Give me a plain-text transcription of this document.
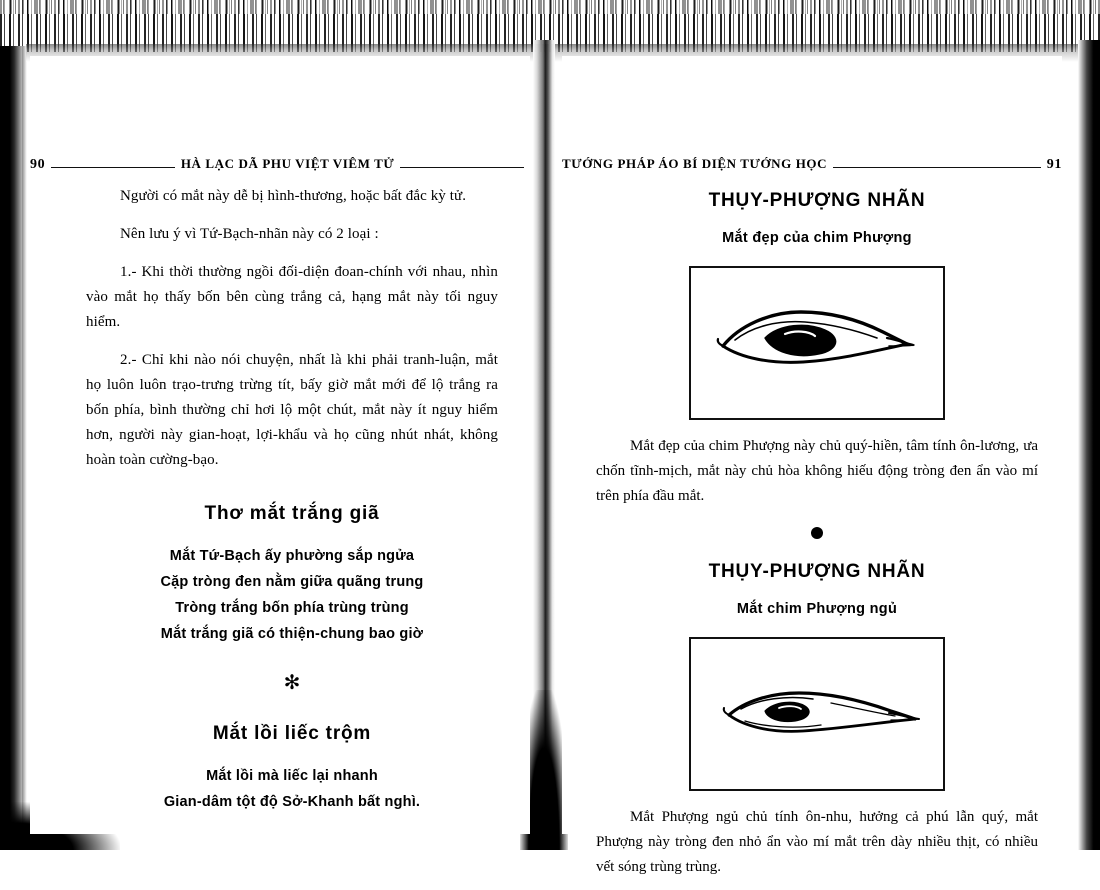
90	HÀ LẠC DÃ PHU VIỆT VIÊM TỬ

Người có mắt này dễ bị hình-thương, hoặc bất đắc kỳ tử.

Nên lưu ý vì Tứ-Bạch-nhãn này có 2 loại :

1.- Khi thời thường ngồi đối-diện đoan-chính với nhau, nhìn vào mắt họ thấy bốn bên cùng trắng cả, hạng mắt này tối nguy hiểm.

2.- Chỉ khi nào nói chuyện, nhất là khi phải tranh-luận, mắt họ luôn luôn trạo-trưng trừng tít, bấy giờ mắt mới để lộ trắng ra bốn phía, bình thường chỉ hơi lộ một chút, mắt này ít nguy hiểm hơn, người này gian-hoạt, lợi-khẩu và họ cũng nhút nhát, không hoàn toàn cường-bạo.

Thơ mắt trắng giã
Mắt Tứ-Bạch ấy phường sắp ngửa
Cặp tròng đen nằm giữa quãng trung
Tròng trắng bốn phía trùng trùng
Mắt trắng giã có thiện-chung bao giờ
✻
Mắt lồi liếc trộm
Mắt lồi mà liếc lại nhanh
Gian-dâm tột độ Sở-Khanh bất nghì.
TƯỚNG PHÁP ÁO BÍ DIỆN TƯỚNG HỌC	91
THỤY-PHƯỢNG NHÃN
Mắt đẹp của chim Phượng

Mắt đẹp của chim Phượng này chủ quý-hiền, tâm tính ôn-lương, ưa chốn tĩnh-mịch, mắt này chủ hòa không hiếu động tròng đen ẩn vào mí trên phía đầu mắt.

THỤY-PHƯỢNG NHÃN
Mắt chim Phượng ngủ

Mắt Phượng ngủ chủ tính ôn-nhu, hưởng cả phú lẫn quý, mắt Phượng này tròng đen nhỏ ẩn vào mí mắt trên dày nhiều thịt, có nhiều vết sóng trùng trùng.
